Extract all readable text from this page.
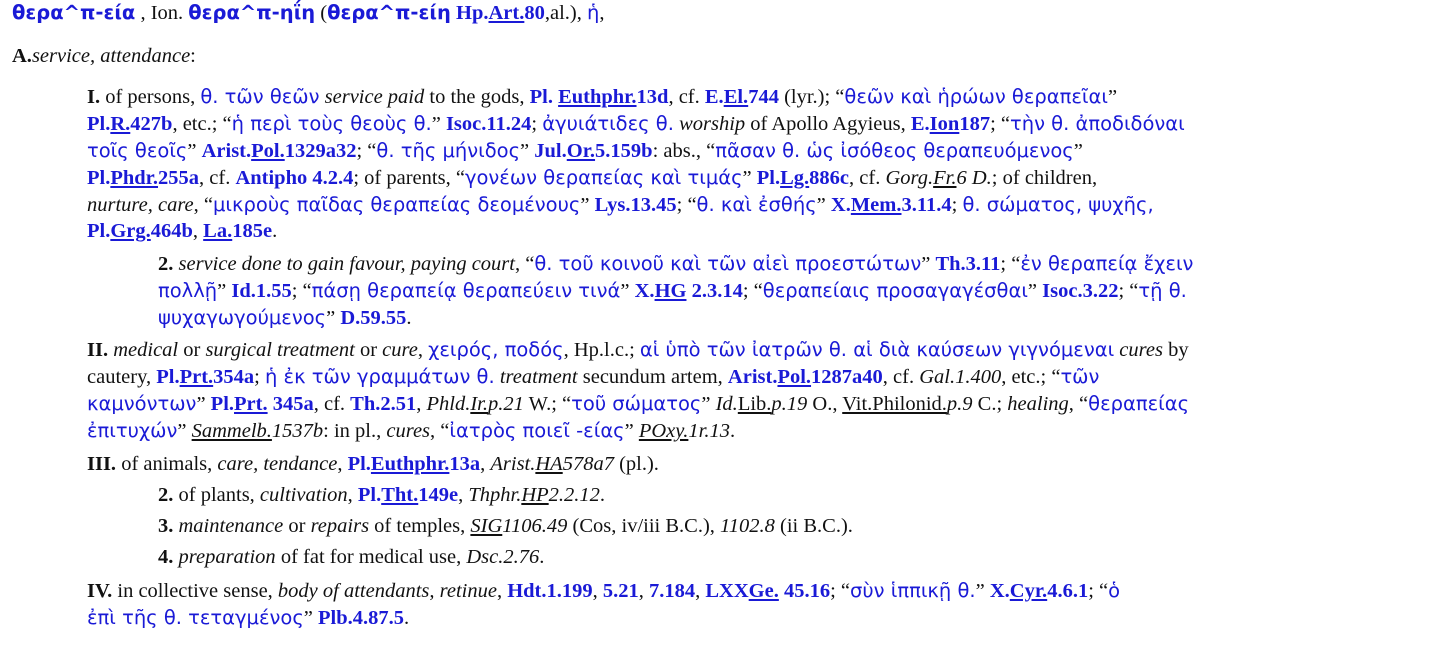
θερα^π-εία , Ion. θερα^π-ηΐη (θερα^π-είη Hp.Art.80,al.), ἡ,
A.service, attendance:
I. of persons, θ. τῶν θεῶν service paid to the gods, Pl. Euthphr.13d, cf. E.El.744 (lyr.); “θεῶν καὶ ἡρώων θεραπεῖαι”
Pl.R.427b, etc.; “ἡ περὶ τοὺς θεοὺς θ.” Isoc.11.24; ἀγυιάτιδες θ. worship of Apollo Agyieus, E.Ion187; “τὴν θ. ἀποδιδόναι
τοῖς θεοῖς” Arist.Pol.1329a32; “θ. τῆς μήνιδος” Jul.Or.5.159b: abs., “πᾶσαν θ. ὡς ἰσόθεος θεραπευόμενος”
Pl.Phdr.255a, cf. Antipho 4.2.4; of parents, “γονέων θεραπείας καὶ τιμάς” Pl.Lg.886c, cf. Gorg.Fr.6 D.; of children,
nurture, care, “μικροὺς παῖδας θεραπείας δεομένους” Lys.13.45; “θ. καὶ ἐσθής” X.Mem.3.11.4; θ. σώματος, ψυχῆς,
Pl.Grg.464b, La.185e.
2. service done to gain favour, paying court, “θ. τοῦ κοινοῦ καὶ τῶν αἰεὶ προεστώτων” Th.3.11; “ἐν θεραπείᾳ ἔχειν
πολλῇ” Id.1.55; “πάσῃ θεραπείᾳ θεραπεύειν τινά” X.HG 2.3.14; “θεραπείαις προσαγαγέσθαι” Isoc.3.22; “τῇ θ.
ψυχαγωγούμενος” D.59.55.
II. medical or surgical treatment or cure, χειρός, ποδός, Hp.l.c.; αἱ ὑπὸ τῶν ἰατρῶν θ. αἱ διὰ καύσεων γιγνόμεναι cures by
cautery, Pl.Prt.354a; ἡ ἐκ τῶν γραμμάτων θ. treatment secundum artem, Arist.Pol.1287a40, cf. Gal.1.400, etc.; “τῶν
καμνόντων” Pl.Prt. 345a, cf. Th.2.51, Phld.Ir.p.21 W.; “τοῦ σώματος” Id.Lib.p.19 O., Vit.Philonid.p.9 C.; healing, “θεραπείας
ἐπιτυχών” Sammelb.1537b: in pl., cures, “ἰατρὸς ποιεῖ -είας” POxy.1r.13.
III. of animals, care, tendance, Pl.Euthphr.13a, Arist.HA578a7 (pl.).
2. of plants, cultivation, Pl.Tht.149e, Thphr.HP2.2.12.
3. maintenance or repairs of temples, SIG1106.49 (Cos, iv/iii B.C.), 1102.8 (ii B.C.).
4. preparation of fat for medical use, Dsc.2.76.
IV. in collective sense, body of attendants, retinue, Hdt.1.199, 5.21, 7.184, LXXGe. 45.16; “σὺν ἱππικῇ θ.” X.Cyr.4.6.1; “ὁ
ἐπὶ τῆς θ. τεταγμένος” Plb.4.87.5.
